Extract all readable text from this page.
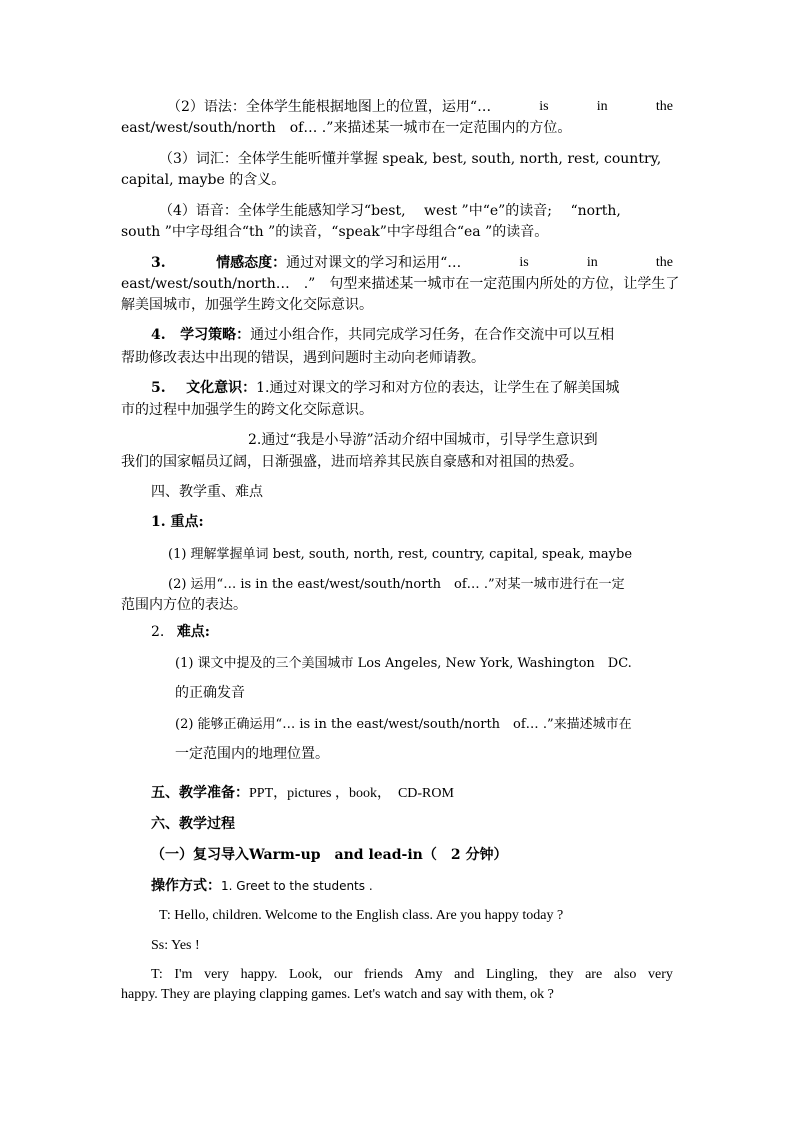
（2）语法：全体学生能根据地图上的位置，运用“…	is	in	the
east/west/south/north　of… .”来描述某一城市在一定范围内的方位。
（3）词汇：全体学生能听懂并掌握 speak, best, south, north, rest, country,
capital, maybe 的含义。
（4）语音：全体学生能感知学习“best,　 west ”中“e”的读音;　 “north,
south ”中字母组合“th ”的读音，“speak”中字母组合“ea ”的读音。
3.	情感态度：通过对课文的学习和运用“…	is	in	the
east/west/south/north…　.”　句型来描述某一城市在一定范围内所处的方位，让学生了
解美国城市，加强学生跨文化交际意识。
4. 学习策略：通过小组合作，共同完成学习任务，在合作交流中可以互相
帮助修改表达中出现的错误，遇到问题时主动向老师请教。
5. 文化意识：1.通过对课文的学习和对方位的表达，让学生在了解美国城
市的过程中加强学生的跨文化交际意识。
2.通过“我是小导游”活动介绍中国城市，引导学生意识到
我们的国家幅员辽阔，日渐强盛，进而培养其民族自豪感和对祖国的热爱。
四、教学重、难点
1. 重点:
(1) 理解掌握单词 best, south, north, rest, country, capital, speak, maybe
(2) 运用“… is in the east/west/south/north　of… .”对某一城市进行在一定
范围内方位的表达。
2. 难点:
(1) 课文中提及的三个美国城市 Los Angeles, New York, Washington　DC.
的正确发音
(2) 能够正确运用“… is in the east/west/south/north　of… .”来描述城市在
一定范围内的地理位置。
五、教学准备：PPT，pictures ，book，　CD-ROM
六、教学过程
（一）复习导入Warm-up　and lead-in（　2 分钟）
操作方式：1. Greet to the students .
T: Hello, children. Welcome to the English class. Are you happy today ?
Ss: Yes !
T: I'm very happy. Look, our friends Amy and Lingling, they are also very
happy. They are playing clapping games. Let's watch and say with them, ok ?
